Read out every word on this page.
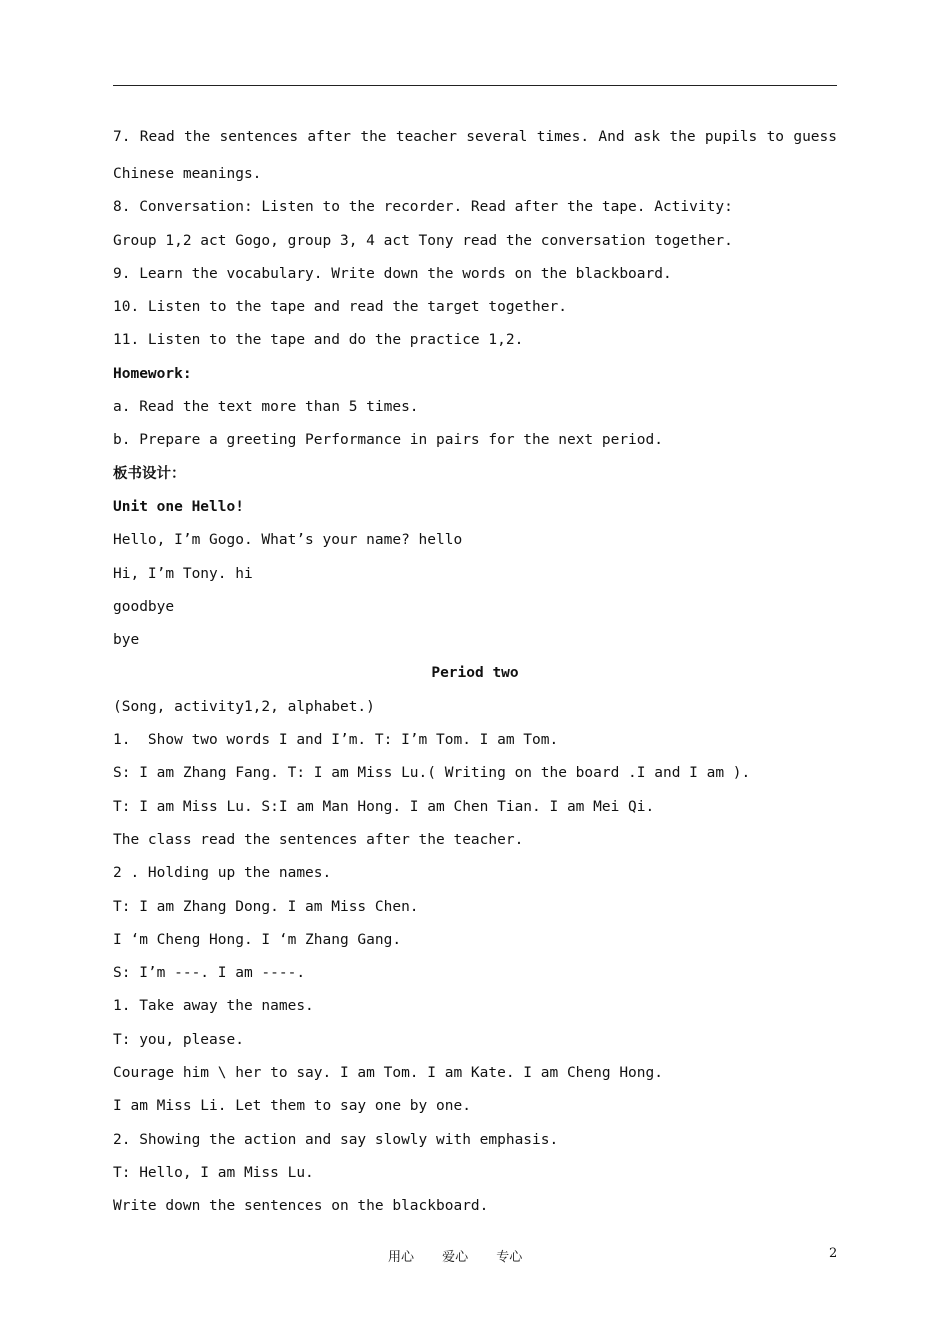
7. Read the sentences after the teacher several times. And ask the pupils to guess
Chinese meanings.
8. Conversation: Listen to the recorder. Read after the tape. Activity:
Group 1,2 act Gogo, group 3, 4 act Tony read the conversation together.
9. Learn the vocabulary. Write down the words on the blackboard.
10. Listen to the tape and read the target together.
11. Listen to the tape and do the practice 1,2.
Homework:
a. Read the text more than 5 times.
b. Prepare a greeting Performance in pairs for the next period.
板书设计：
Unit one Hello!
Hello, I’m Gogo. What’s your name? hello
Hi, I’m Tony. hi
goodbye
bye
Period two
(Song, activity1,2, alphabet.)
1.  Show two words I and I’m. T: I’m Tom. I am Tom.
S: I am Zhang Fang. T: I am Miss Lu.( Writing on the board .I and I am ).
T: I am Miss Lu. S:I am Man Hong. I am Chen Tian. I am Mei Qi.
The class read the sentences after the teacher.
2 . Holding up the names.
T: I am Zhang Dong. I am Miss Chen.
I ‘m Cheng Hong. I ‘m Zhang Gang.
S: I’m ---. I am ----.
1. Take away the names.
T: you, please.
Courage him \ her to say. I am Tom. I am Kate. I am Cheng Hong.
I am Miss Li. Let them to say one by one.
2. Showing the action and say slowly with emphasis.
T: Hello, I am Miss Lu.
Write down the sentences on the blackboard.
用心 爱心 专心	2
